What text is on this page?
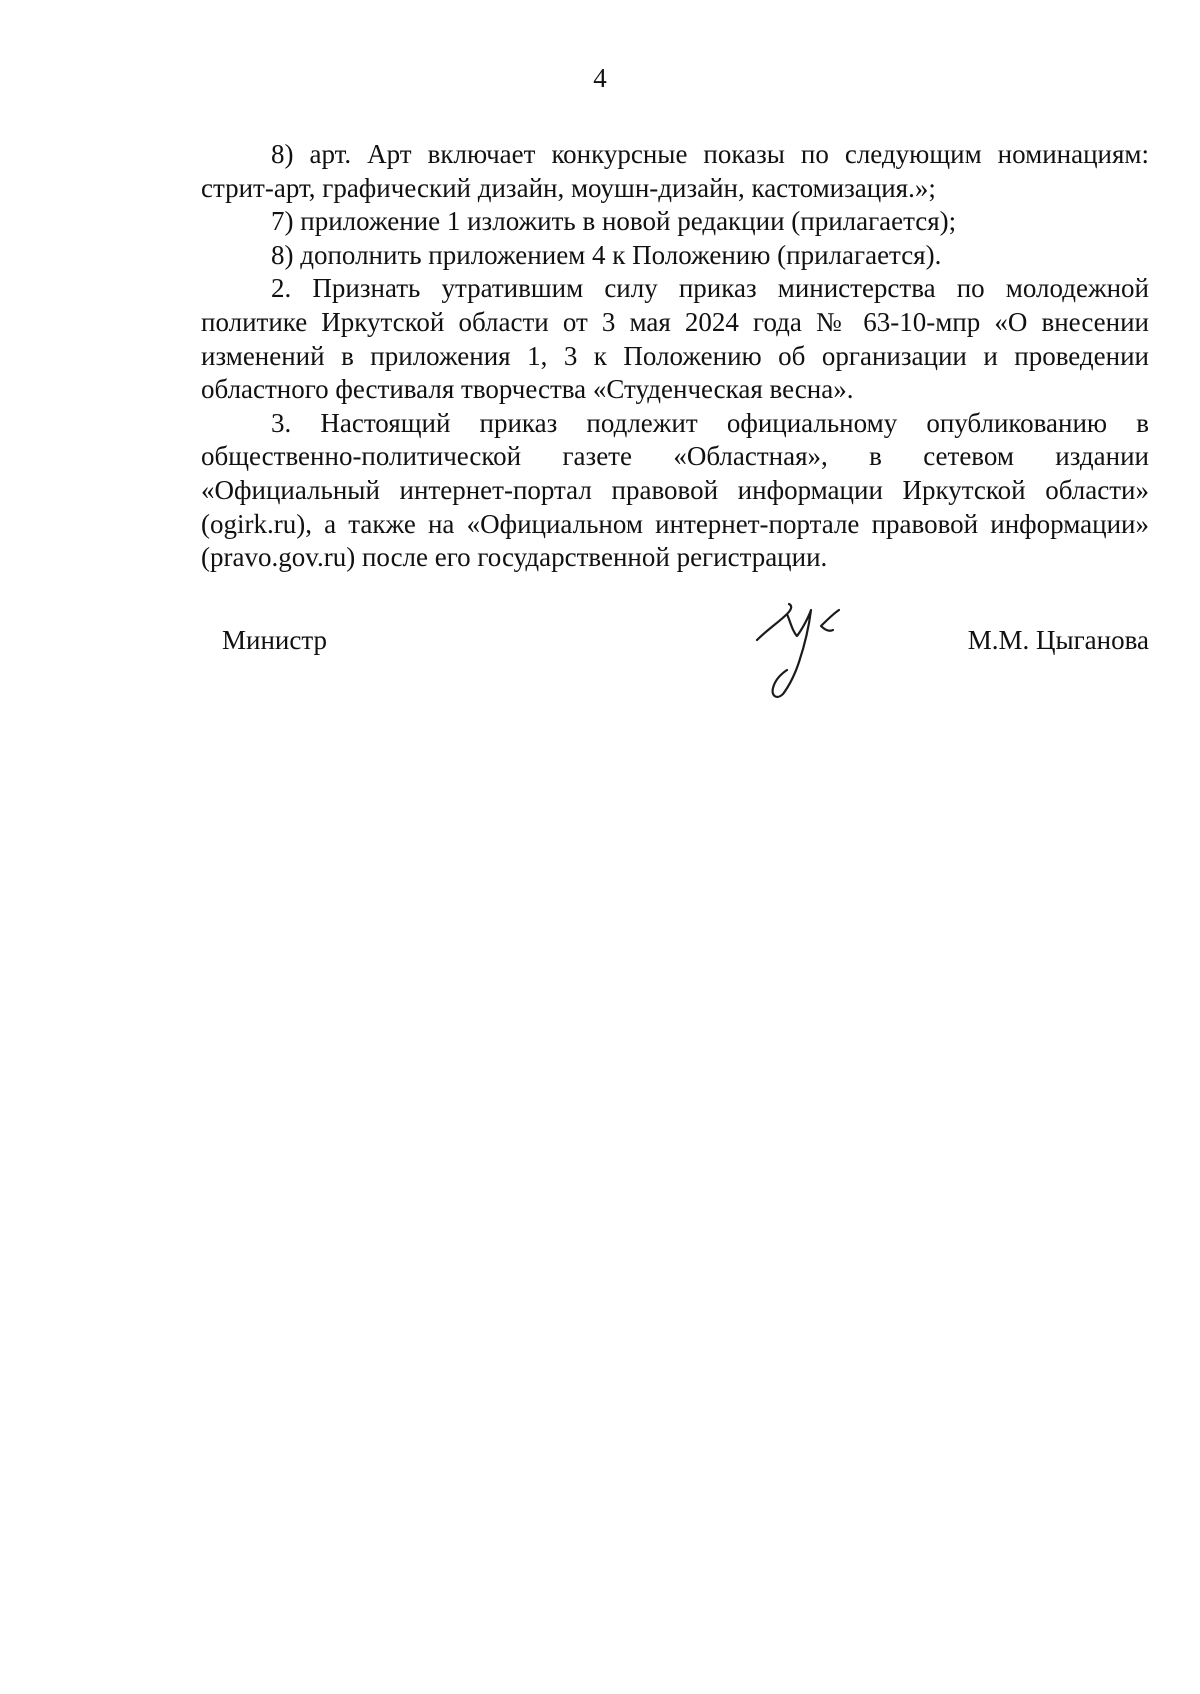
4

8) арт. Арт включает конкурсные показы по следующим номинациям: стрит-арт, графический дизайн, моушн-дизайн, кастомизация.»;

7) приложение 1 изложить в новой редакции (прилагается);

8) дополнить приложением 4 к Положению (прилагается).

2. Признать утратившим силу приказ министерства по молодежной политике Иркутской области от 3 мая 2024 года № 63-10-мпр «О внесении изменений в приложения 1, 3 к Положению об организации и проведении областного фестиваля творчества «Студенческая весна».

3. Настоящий приказ подлежит официальному опубликованию в общественно-политической газете «Областная», в сетевом издании «Официальный интернет-портал правовой информации Иркутской области» (ogirk.ru), а также на «Официальном интернет-портале правовой информации» (pravo.gov.ru) после его государственной регистрации.

Министр	М.М. Цыганова
